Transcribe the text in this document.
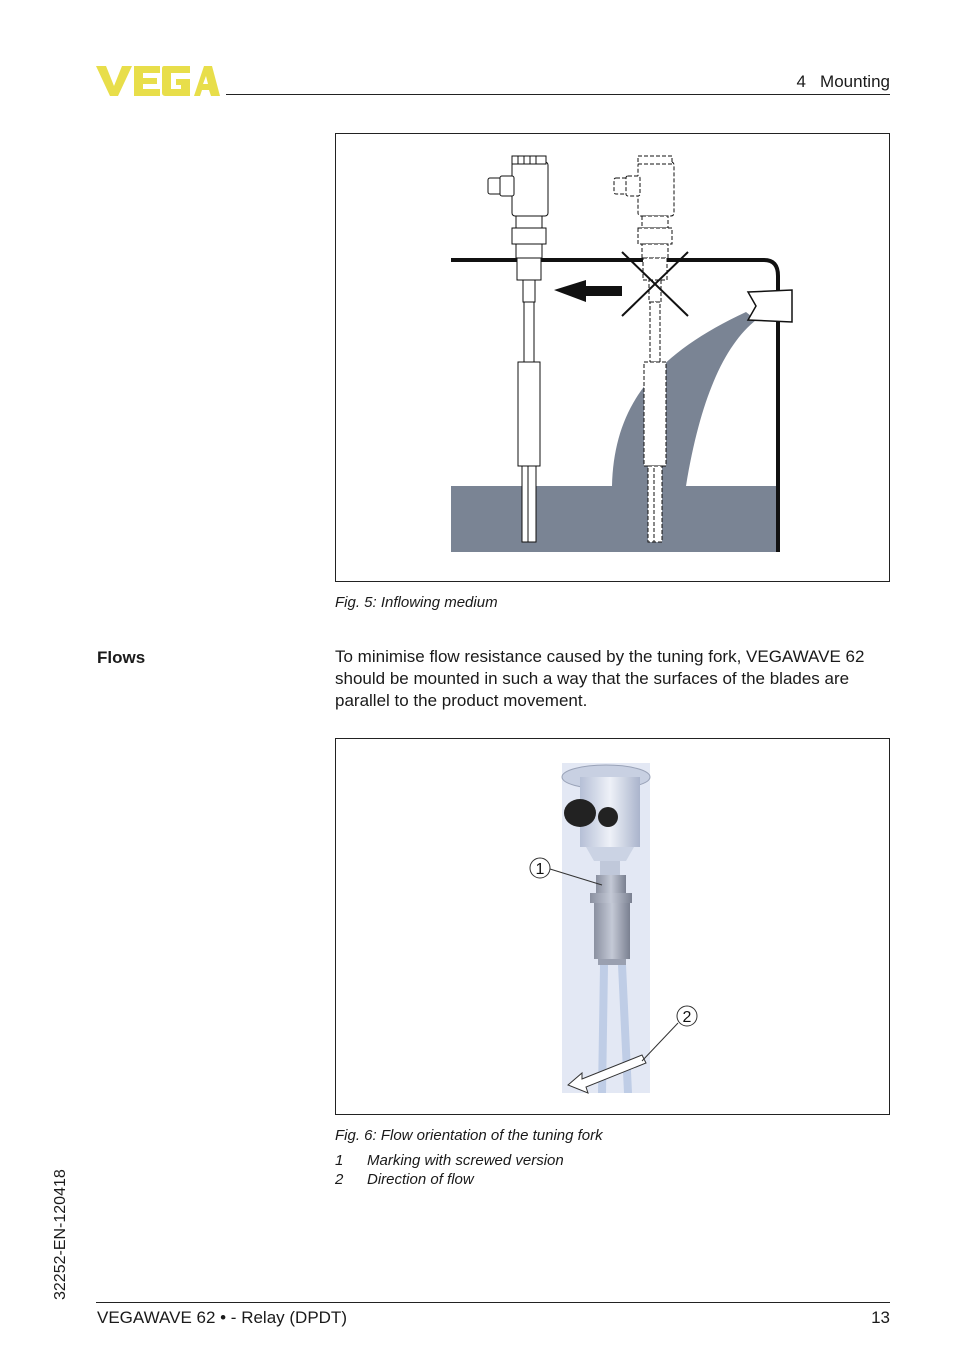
4   Mounting
Fig. 5: Inflowing medium
Flows	To minimise flow resistance caused by the tuning fork, VEGAWAVE 62 should be mounted in such a way that the surfaces of the blades are parallel to the product movement.
1
2
Fig. 6: Flow orientation of the tuning fork
1 Marking with screwed version
2 Direction of flow
32252-EN-120418
VEGAWAVE 62 • - Relay (DPDT)	13
